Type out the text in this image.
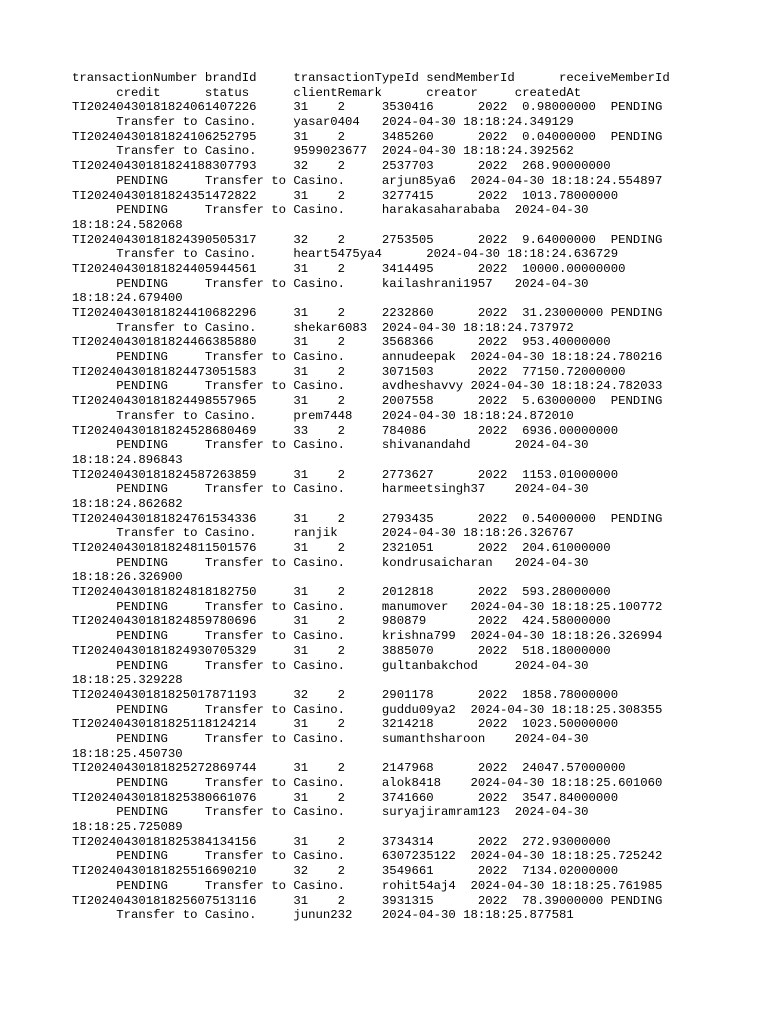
transactionNumber brandId     transactionTypeId sendMemberId      receiveMemberId
credit      status      clientRemark      creator     createdAt
TI20240430181824061407226     31    2     3530416      2022  0.98000000  PENDING
Transfer to Casino.     yasar0404   2024-04-30 18:18:24.349129
TI20240430181824106252795     31    2     3485260      2022  0.04000000  PENDING
Transfer to Casino.     9599023677  2024-04-30 18:18:24.392562
TI20240430181824188307793     32    2     2537703      2022  268.90000000
PENDING     Transfer to Casino.     arjun85ya6  2024-04-30 18:18:24.554897
TI20240430181824351472822     31    2     3277415      2022  1013.78000000
PENDING     Transfer to Casino.     harakasaharababa  2024-04-30
18:18:24.582068
TI20240430181824390505317     32    2     2753505      2022  9.64000000  PENDING
Transfer to Casino.     heart5475ya4      2024-04-30 18:18:24.636729
TI20240430181824405944561     31    2     3414495      2022  10000.00000000
PENDING     Transfer to Casino.     kailashrani1957   2024-04-30
18:18:24.679400
TI20240430181824410682296     31    2     2232860      2022  31.23000000 PENDING
Transfer to Casino.     shekar6083  2024-04-30 18:18:24.737972
TI20240430181824466385880     31    2     3568366      2022  953.40000000
PENDING     Transfer to Casino.     annudeepak  2024-04-30 18:18:24.780216
TI20240430181824473051583     31    2     3071503      2022  77150.72000000
PENDING     Transfer to Casino.     avdheshavvy 2024-04-30 18:18:24.782033
TI20240430181824498557965     31    2     2007558      2022  5.63000000  PENDING
Transfer to Casino.     prem7448    2024-04-30 18:18:24.872010
TI20240430181824528680469     33    2     784086       2022  6936.00000000
PENDING     Transfer to Casino.     shivanandahd      2024-04-30
18:18:24.896843
TI20240430181824587263859     31    2     2773627      2022  1153.01000000
PENDING     Transfer to Casino.     harmeetsingh37    2024-04-30
18:18:24.862682
TI20240430181824761534336     31    2     2793435      2022  0.54000000  PENDING
Transfer to Casino.     ranjik      2024-04-30 18:18:26.326767
TI20240430181824811501576     31    2     2321051      2022  204.61000000
PENDING     Transfer to Casino.     kondrusaicharan   2024-04-30
18:18:26.326900
TI20240430181824818182750     31    2     2012818      2022  593.28000000
PENDING     Transfer to Casino.     manumover   2024-04-30 18:18:25.100772
TI20240430181824859780696     31    2     980879       2022  424.58000000
PENDING     Transfer to Casino.     krishna799  2024-04-30 18:18:26.326994
TI20240430181824930705329     31    2     3885070      2022  518.18000000
PENDING     Transfer to Casino.     gultanbakchod     2024-04-30
18:18:25.329228
TI20240430181825017871193     32    2     2901178      2022  1858.78000000
PENDING     Transfer to Casino.     guddu09ya2  2024-04-30 18:18:25.308355
TI20240430181825118124214     31    2     3214218      2022  1023.50000000
PENDING     Transfer to Casino.     sumanthsharoon    2024-04-30
18:18:25.450730
TI20240430181825272869744     31    2     2147968      2022  24047.57000000
PENDING     Transfer to Casino.     alok8418    2024-04-30 18:18:25.601060
TI20240430181825380661076     31    2     3741660      2022  3547.84000000
PENDING     Transfer to Casino.     suryajiramram123  2024-04-30
18:18:25.725089
TI20240430181825384134156     31    2     3734314      2022  272.93000000
PENDING     Transfer to Casino.     6307235122  2024-04-30 18:18:25.725242
TI20240430181825516690210     32    2     3549661      2022  7134.02000000
PENDING     Transfer to Casino.     rohit54aj4  2024-04-30 18:18:25.761985
TI20240430181825607513116     31    2     3931315      2022  78.39000000 PENDING
Transfer to Casino.     junun232    2024-04-30 18:18:25.877581
